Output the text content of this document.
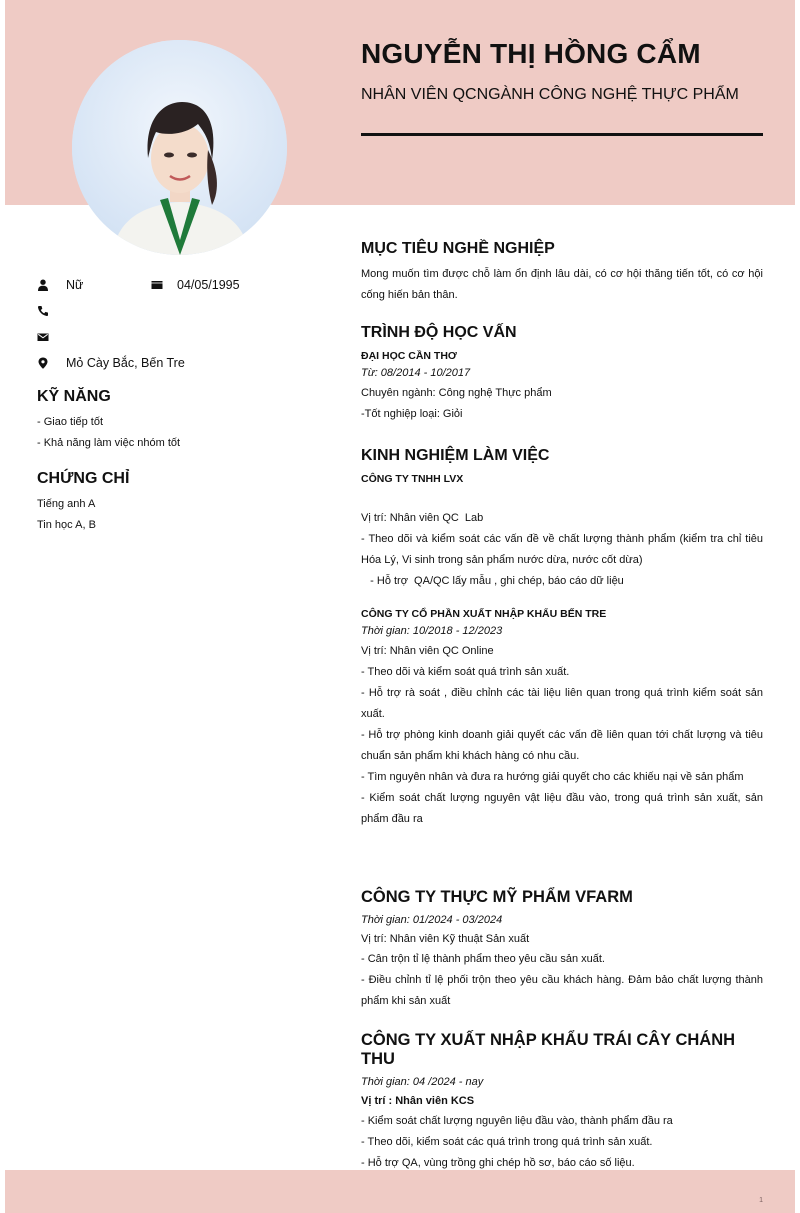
NGUYỄN THỊ HỒNG CẨM
NHÂN VIÊN QCNGÀNH CÔNG NGHỆ THỰC PHẨM
Nữ	04/05/1995
Mỏ Cày Bắc, Bến Tre
KỸ NĂNG
- Giao tiếp tốt
- Khả năng làm việc nhóm tốt
CHỨNG CHỈ
Tiếng anh A
Tin học A, B
MỤC TIÊU NGHỀ NGHIỆP
Mong muốn tìm được chỗ làm ổn định lâu dài, có cơ hội thăng tiến tốt, có cơ hội cống hiến bản thân.
TRÌNH ĐỘ HỌC VẤN
ĐẠI HỌC CẦN THƠ
Từ: 08/2014 - 10/2017
Chuyên ngành: Công nghệ Thực phẩm
-Tốt nghiệp loại: Giỏi
KINH NGHIỆM LÀM VIỆC
CÔNG TY TNHH LVX
Vị trí: Nhân viên QC  Lab
- Theo dõi và kiểm soát các vấn đề về chất lượng thành phẩm (kiểm tra chỉ tiêu Hóa Lý, Vi sinh trong sản phẩm nước dừa, nước cốt dừa)
- Hỗ trợ  QA/QC lấy mẫu , ghi chép, báo cáo dữ liệu
CÔNG TY CỔ PHẦN XUẤT NHẬP KHẨU BẾN TRE
Thời gian: 10/2018 - 12/2023
Vị trí: Nhân viên QC Online
- Theo dõi và kiểm soát quá trình sản xuất.
- Hỗ trợ rà soát , điều chỉnh các tài liệu liên quan trong quá trình kiểm soát sản xuất.
- Hỗ trợ phòng kinh doanh giải quyết các vấn đề liên quan tới chất lượng và tiêu chuẩn sản phẩm khi khách hàng có nhu cầu.
- Tìm nguyên nhân và đưa ra hướng giải quyết cho các khiếu nại về sản phẩm
- Kiểm soát chất lượng nguyên vật liệu đầu vào, trong quá trình sản xuất, sản phẩm đầu ra
CÔNG TY THỰC MỸ PHẨM VFARM
Thời gian: 01/2024 - 03/2024
Vị trí: Nhân viên Kỹ thuật Sản xuất
- Cân trộn tỉ lệ thành phẩm theo yêu cầu sản xuất.
- Điều chỉnh tỉ lệ phối trộn theo yêu cầu khách hàng. Đảm bảo chất lượng thành phẩm khi sản xuất
CÔNG TY XUẤT NHẬP KHẨU TRÁI CÂY CHÁNH THU
Thời gian: 04 /2024 - nay
Vị trí : Nhân viên KCS
- Kiểm soát chất lượng nguyên liệu đầu vào, thành phẩm đầu ra
- Theo dõi, kiểm soát các quá trình trong quá trình sản xuất.
- Hỗ trợ QA, vùng trồng ghi chép hồ sơ, báo cáo số liệu.
1
